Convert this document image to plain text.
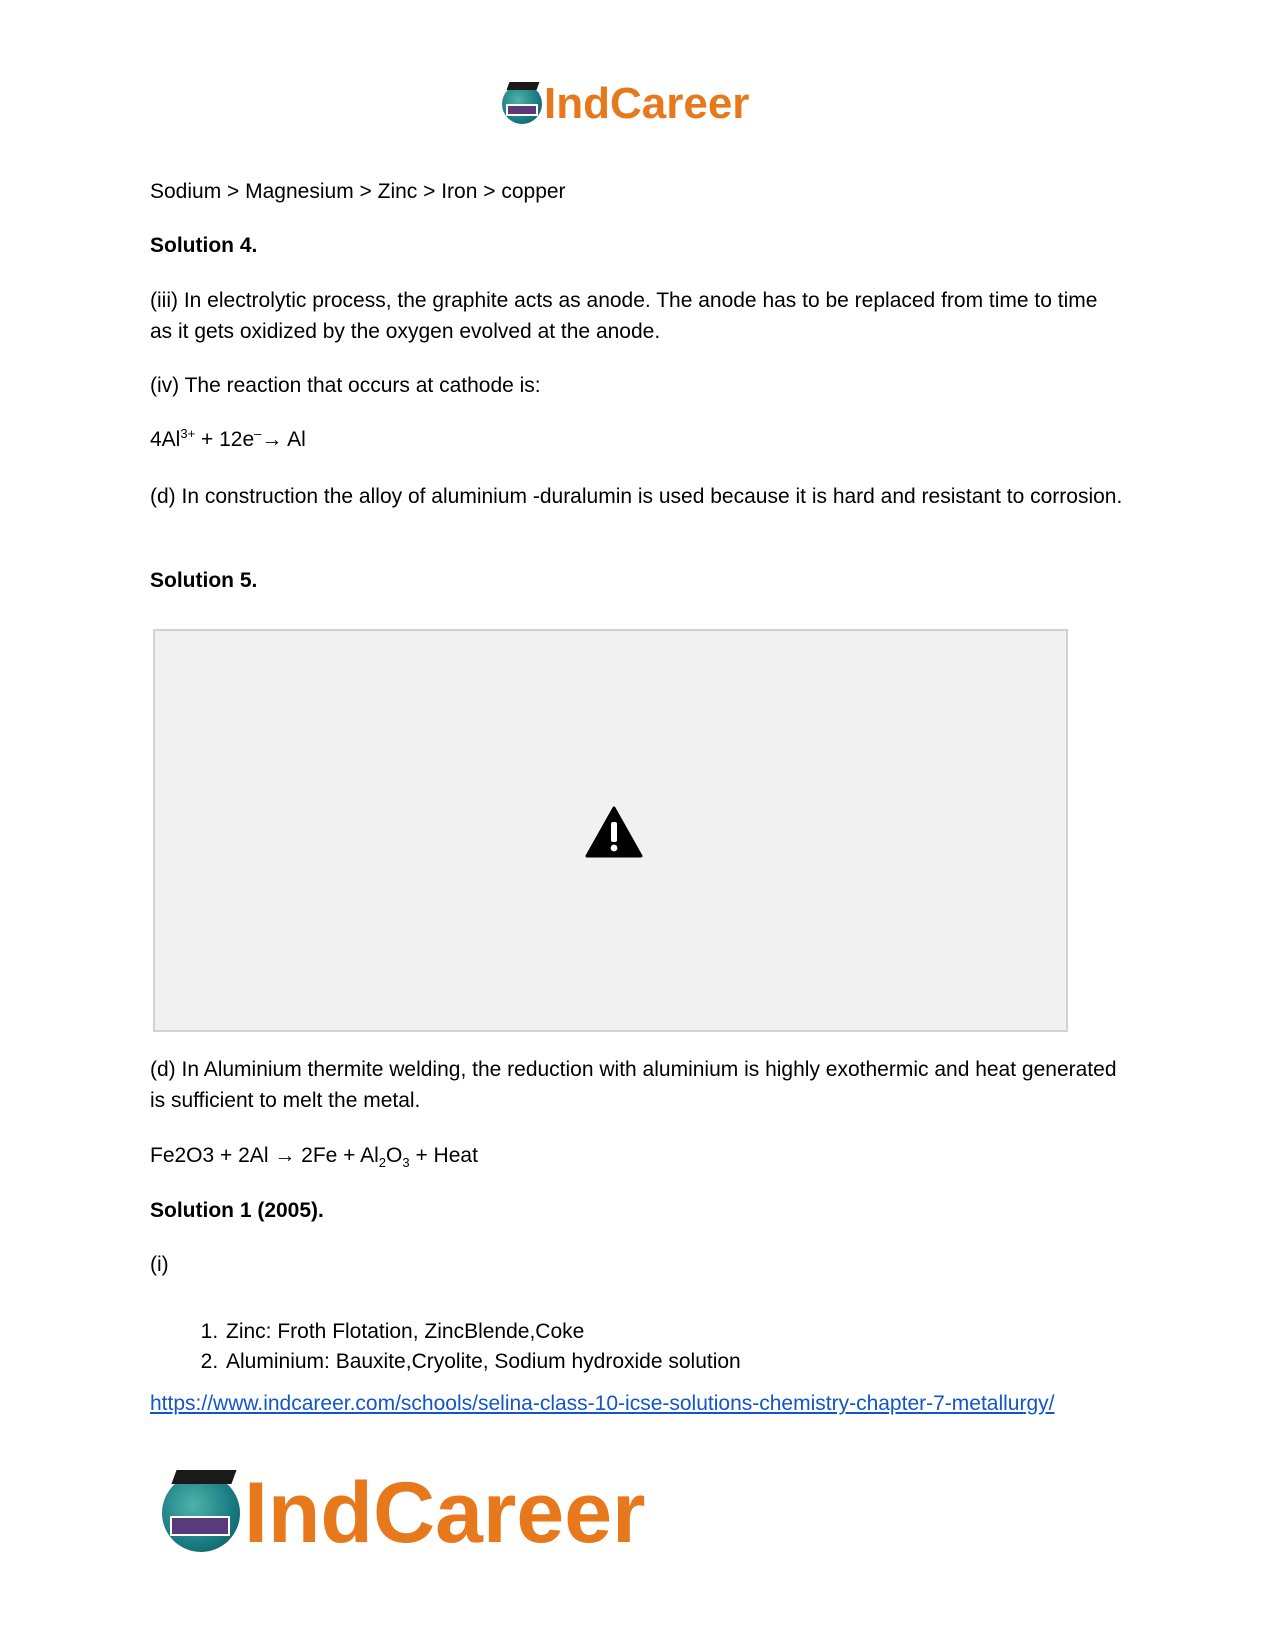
IndCareer
Sodium > Magnesium > Zinc > Iron > copper
Solution 4.
(iii) In electrolytic process, the graphite acts as anode. The anode has to be replaced from time to time as it gets oxidized by the oxygen evolved at the anode.
(iv) The reaction that occurs at cathode is:
$4Al^{3+} + 12e^-\to Al$
(d) In construction the alloy of aluminium -duralumin is used because it is hard and resistant to corrosion.
Solution 5.
(d) In Aluminium thermite welding, the reduction with aluminium is highly exothermic and heat generated is sufficient to melt the metal.
$Fe2O3 + 2Al \to 2Fe + Al_2O_3$ + Heat
Solution 1 (2005).
(i)
1. Zinc: Froth Flotation, ZincBlende,Coke
2. Aluminium: Bauxite,Cryolite, Sodium hydroxide solution
https://www.indcareer.com/schools/selina-class-10-icse-solutions-chemistry-chapter-7-metallurgy/
IndCareer
